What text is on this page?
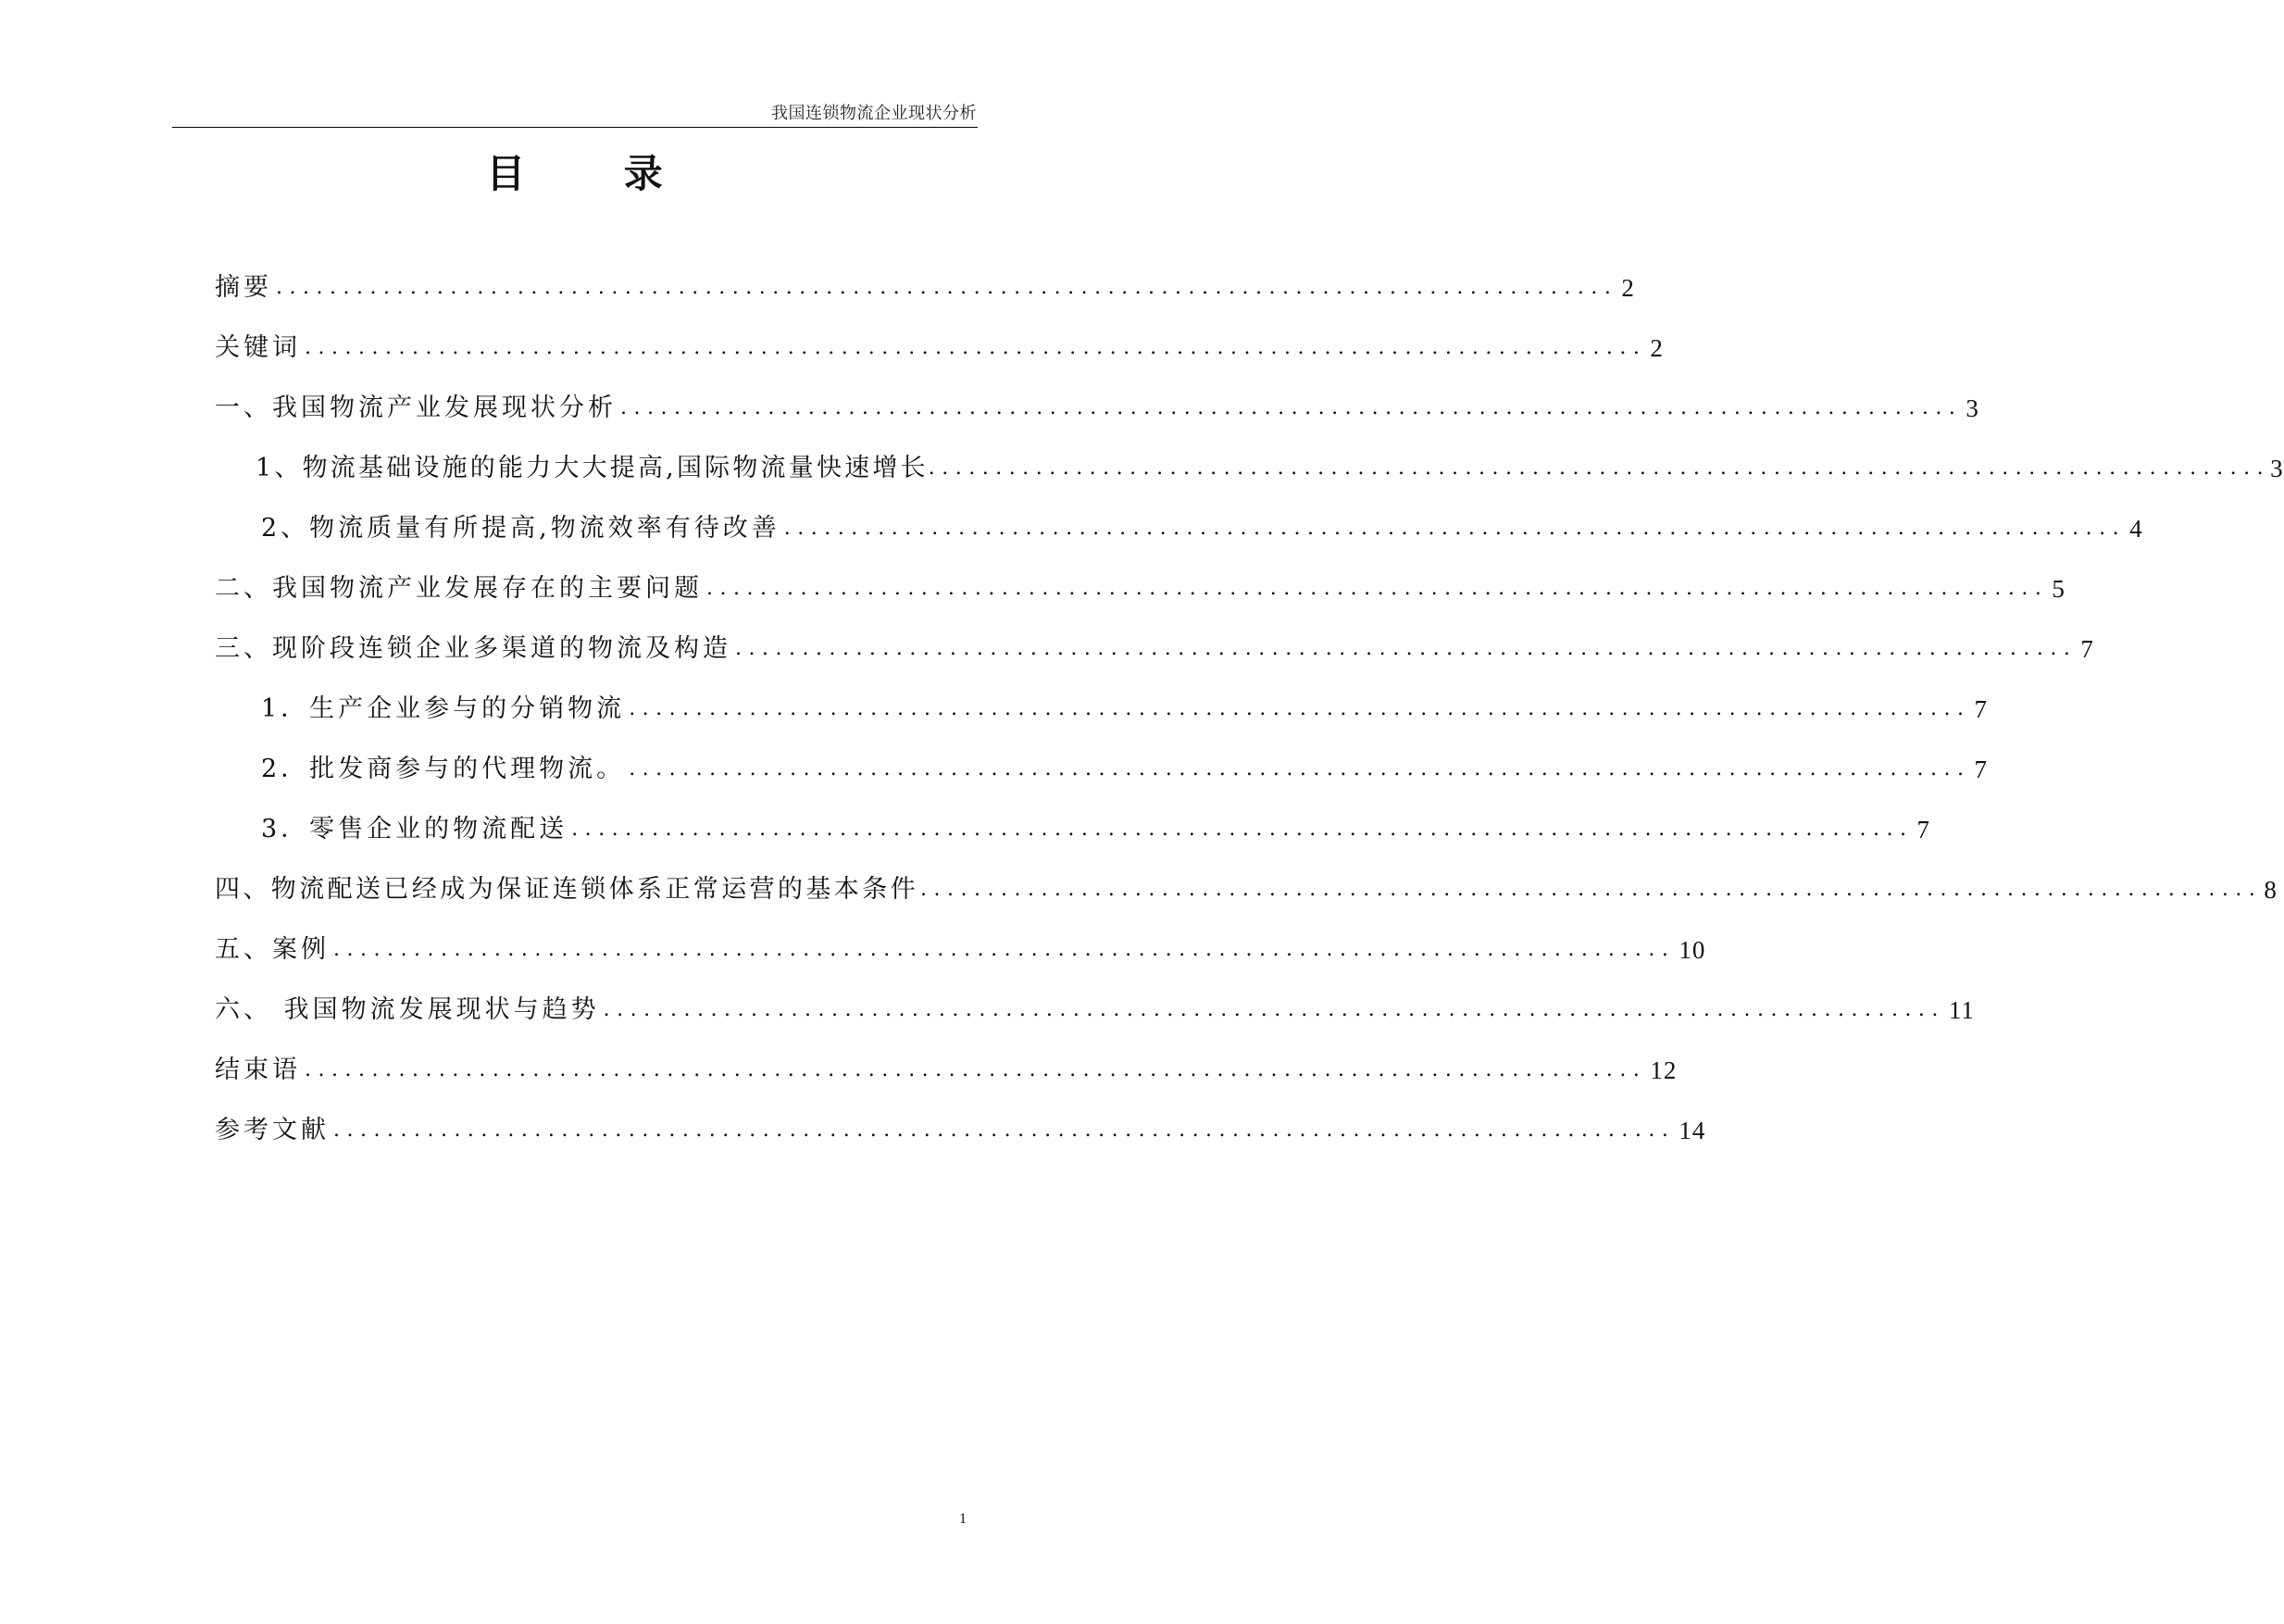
我国连锁物流企业现状分析
目 录
摘要 .................................................................................................... 2
关键词 .................................................................................................... 2
一、我国物流产业发展现状分析 .................................................................................................... 3
1、物流基础设施的能力大大提高,国际物流量快速增长 .................................................................................................... 3
2、物流质量有所提高,物流效率有待改善 .................................................................................................... 4
二、我国物流产业发展存在的主要问题 .................................................................................................... 5
三、现阶段连锁企业多渠道的物流及构造 .................................................................................................... 7
1．生产企业参与的分销物流 .................................................................................................... 7
2．批发商参与的代理物流。 .................................................................................................... 7
3．零售企业的物流配送 .................................................................................................... 7
四、物流配送已经成为保证连锁体系正常运营的基本条件 .................................................................................................... 8
五、案例 .................................................................................................... 10
六、 我国物流发展现状与趋势 .................................................................................................... 11
结束语 .................................................................................................... 12
参考文献 .................................................................................................... 14
1
